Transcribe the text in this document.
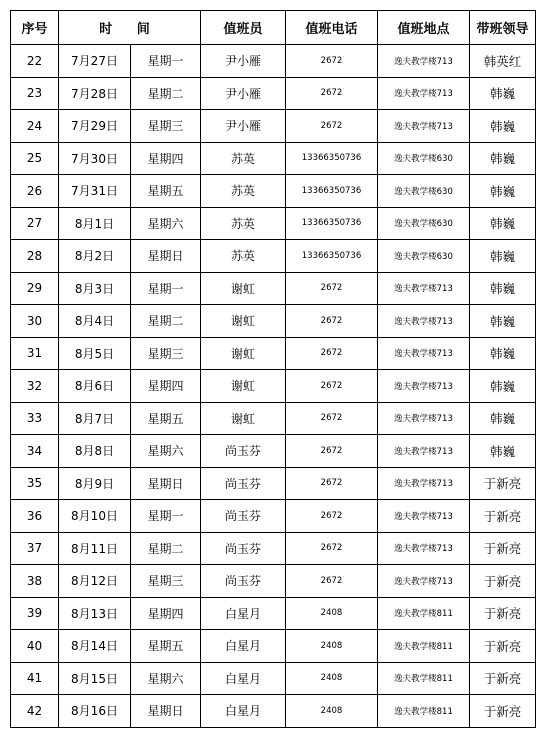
序号	时 间		值班员	值班电话	值班地点	带班领导
22	7月27日	星期一	尹小雁	2672	逸夫教学楼713	韩英红
23	7月28日	星期二	尹小雁	2672	逸夫教学楼713	韩巍
24	7月29日	星期三	尹小雁	2672	逸夫教学楼713	韩巍
25	7月30日	星期四	苏英	13366350736	逸夫教学楼630	韩巍
26	7月31日	星期五	苏英	13366350736	逸夫教学楼630	韩巍
27	8月1日	星期六	苏英	13366350736	逸夫教学楼630	韩巍
28	8月2日	星期日	苏英	13366350736	逸夫教学楼630	韩巍
29	8月3日	星期一	谢虹	2672	逸夫教学楼713	韩巍
30	8月4日	星期二	谢虹	2672	逸夫教学楼713	韩巍
31	8月5日	星期三	谢虹	2672	逸夫教学楼713	韩巍
32	8月6日	星期四	谢虹	2672	逸夫教学楼713	韩巍
33	8月7日	星期五	谢虹	2672	逸夫教学楼713	韩巍
34	8月8日	星期六	尚玉芬	2672	逸夫教学楼713	韩巍
35	8月9日	星期日	尚玉芬	2672	逸夫教学楼713	于新亮
36	8月10日	星期一	尚玉芬	2672	逸夫教学楼713	于新亮
37	8月11日	星期二	尚玉芬	2672	逸夫教学楼713	于新亮
38	8月12日	星期三	尚玉芬	2672	逸夫教学楼713	于新亮
39	8月13日	星期四	白星月	2408	逸夫教学楼811	于新亮
40	8月14日	星期五	白星月	2408	逸夫教学楼811	于新亮
41	8月15日	星期六	白星月	2408	逸夫教学楼811	于新亮
42	8月16日	星期日	白星月	2408	逸夫教学楼811	于新亮
